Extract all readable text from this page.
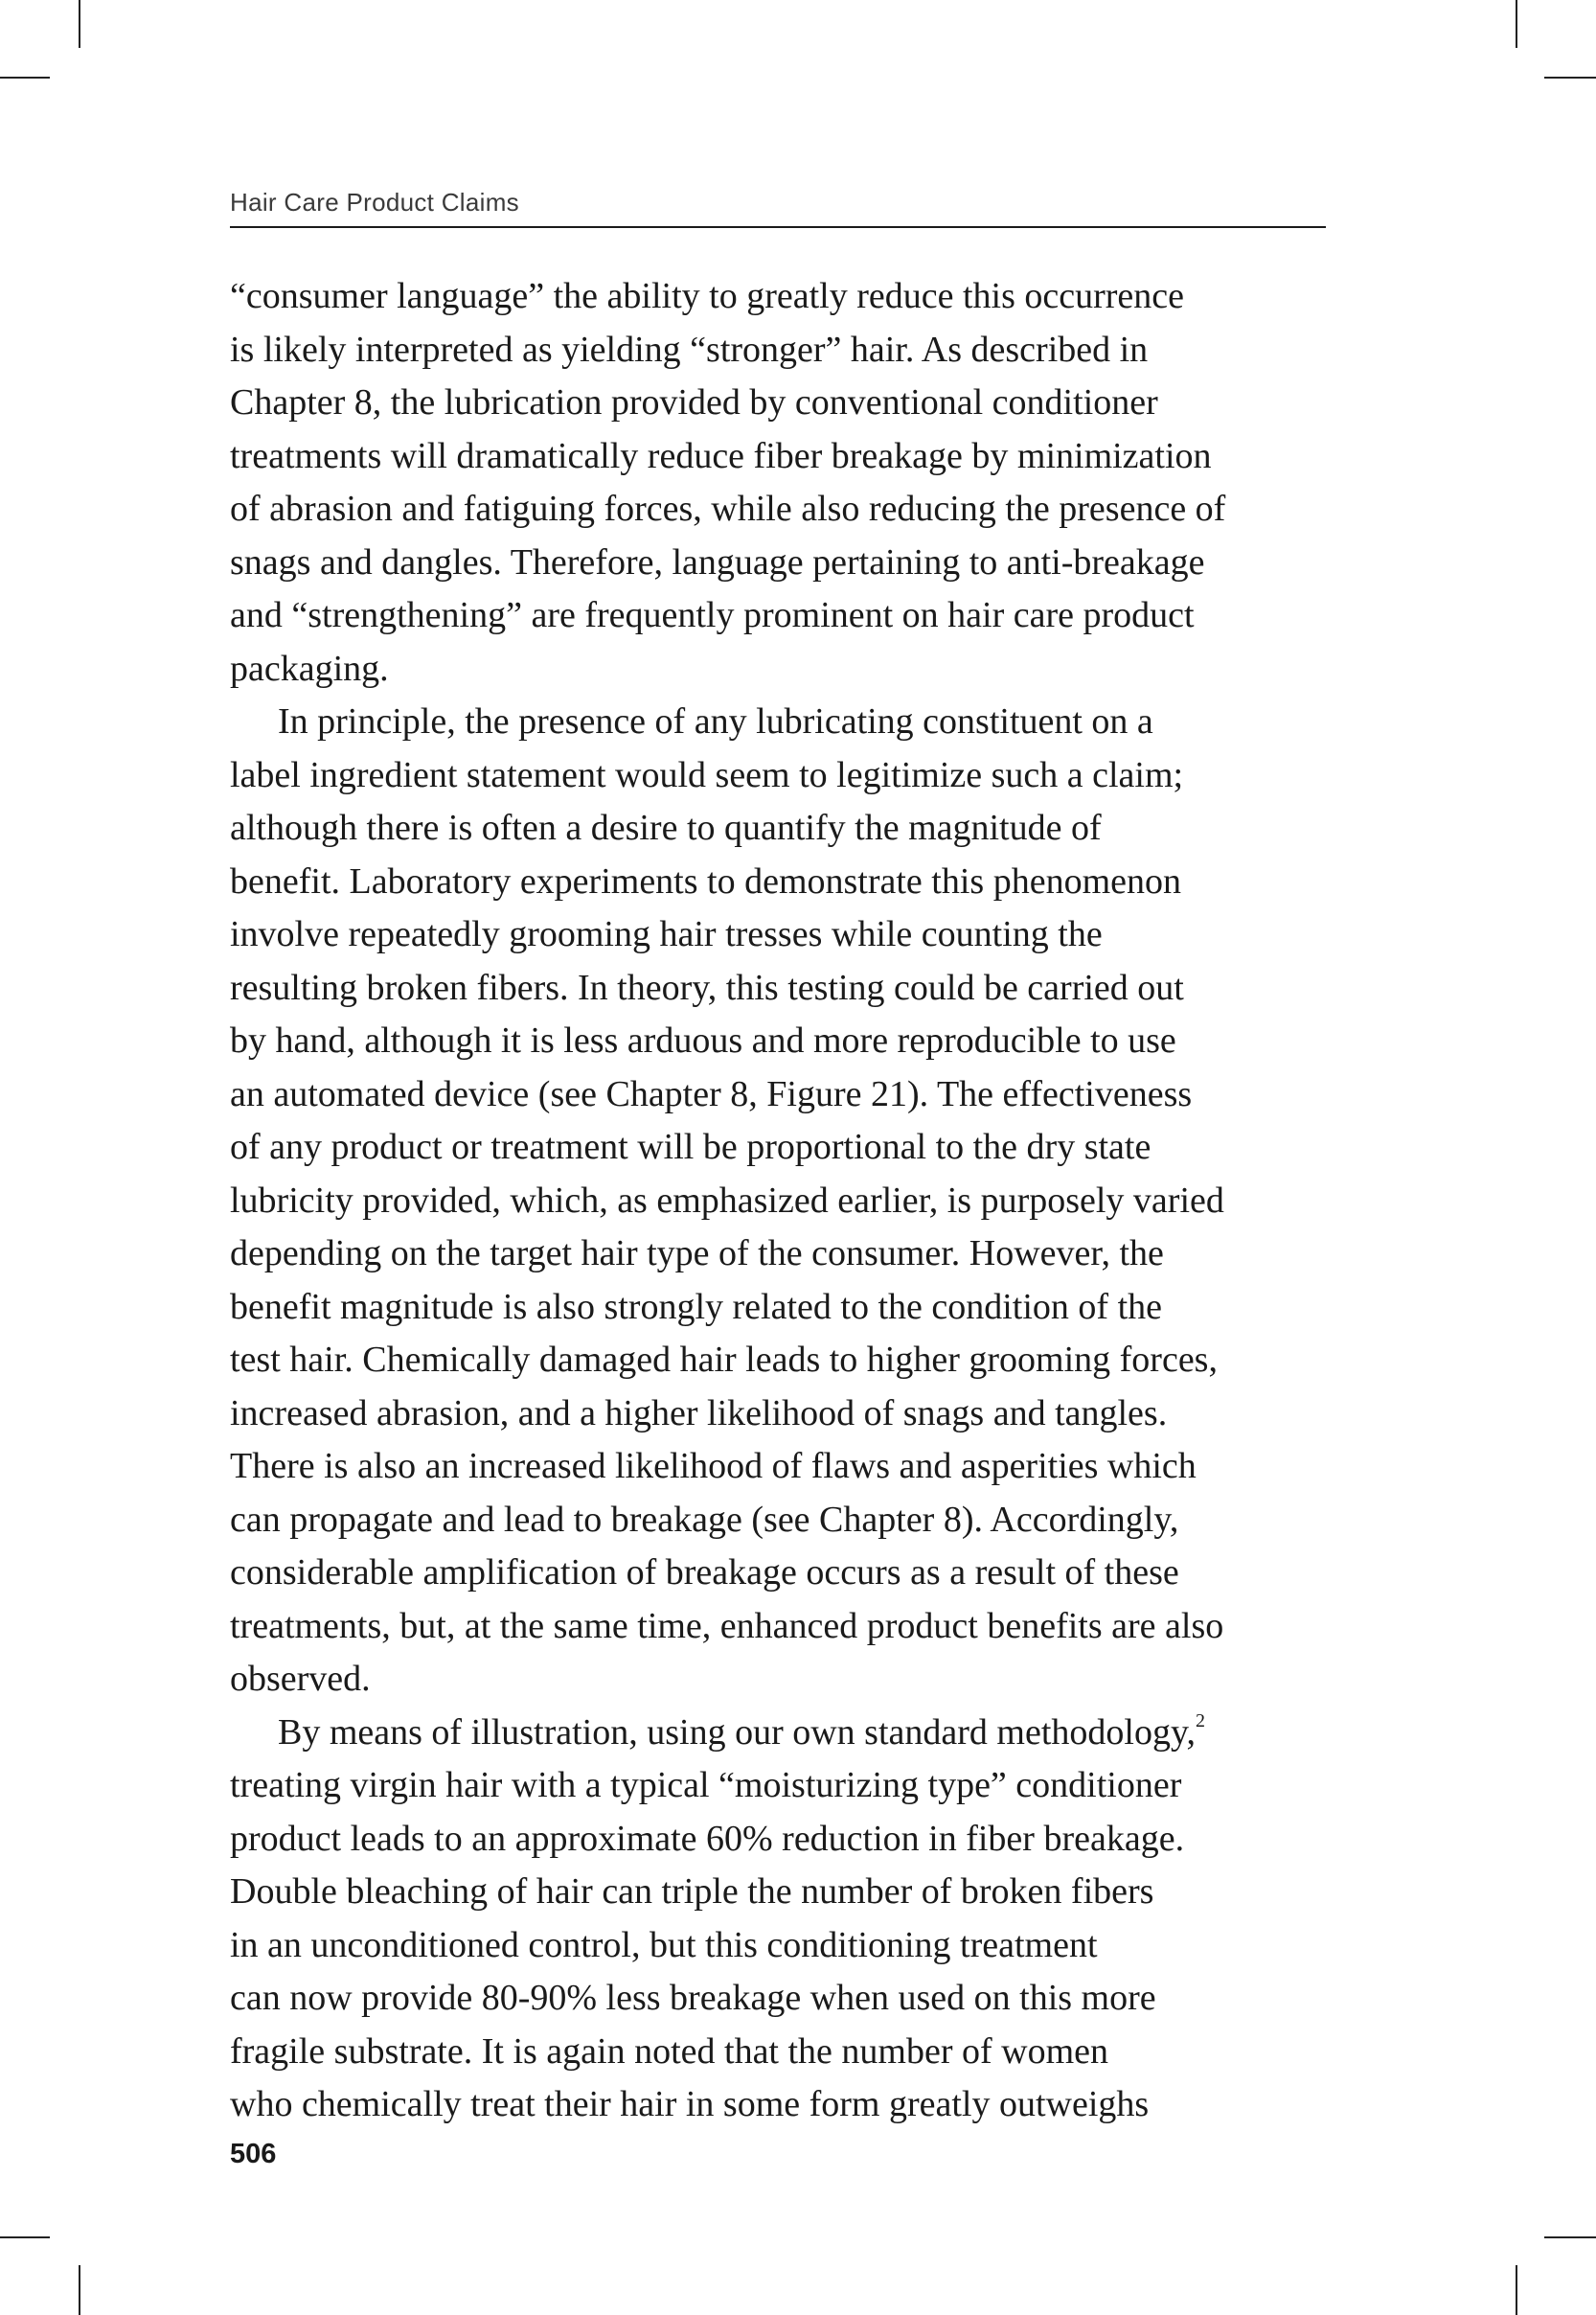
Hair Care Product Claims
“consumer language” the ability to greatly reduce this occurrence
is likely interpreted as yielding “stronger” hair. As described in
Chapter 8, the lubrication provided by conventional conditioner
treatments will dramatically reduce fiber breakage by minimization
of abrasion and fatiguing forces, while also reducing the presence of
snags and dangles. Therefore, language pertaining to anti-breakage
and “strengthening” are frequently prominent on hair care product
packaging.
In principle, the presence of any lubricating constituent on a
label ingredient statement would seem to legitimize such a claim;
although there is often a desire to quantify the magnitude of
benefit. Laboratory experiments to demonstrate this phenomenon
involve repeatedly grooming hair tresses while counting the
resulting broken fibers. In theory, this testing could be carried out
by hand, although it is less arduous and more reproducible to use
an automated device (see Chapter 8, Figure 21). The effectiveness
of any product or treatment will be proportional to the dry state
lubricity provided, which, as emphasized earlier, is purposely varied
depending on the target hair type of the consumer. However, the
benefit magnitude is also strongly related to the condition of the
test hair. Chemically damaged hair leads to higher grooming forces,
increased abrasion, and a higher likelihood of snags and tangles.
There is also an increased likelihood of flaws and asperities which
can propagate and lead to breakage (see Chapter 8). Accordingly,
considerable amplification of breakage occurs as a result of these
treatments, but, at the same time, enhanced product benefits are also
observed.
By means of illustration, using our own standard methodology,$^2$
treating virgin hair with a typical “moisturizing type” conditioner
product leads to an approximate 60% reduction in fiber breakage.
Double bleaching of hair can triple the number of broken fibers
in an unconditioned control, but this conditioning treatment
can now provide 80-90% less breakage when used on this more
fragile substrate. It is again noted that the number of women
who chemically treat their hair in some form greatly outweighs
506
